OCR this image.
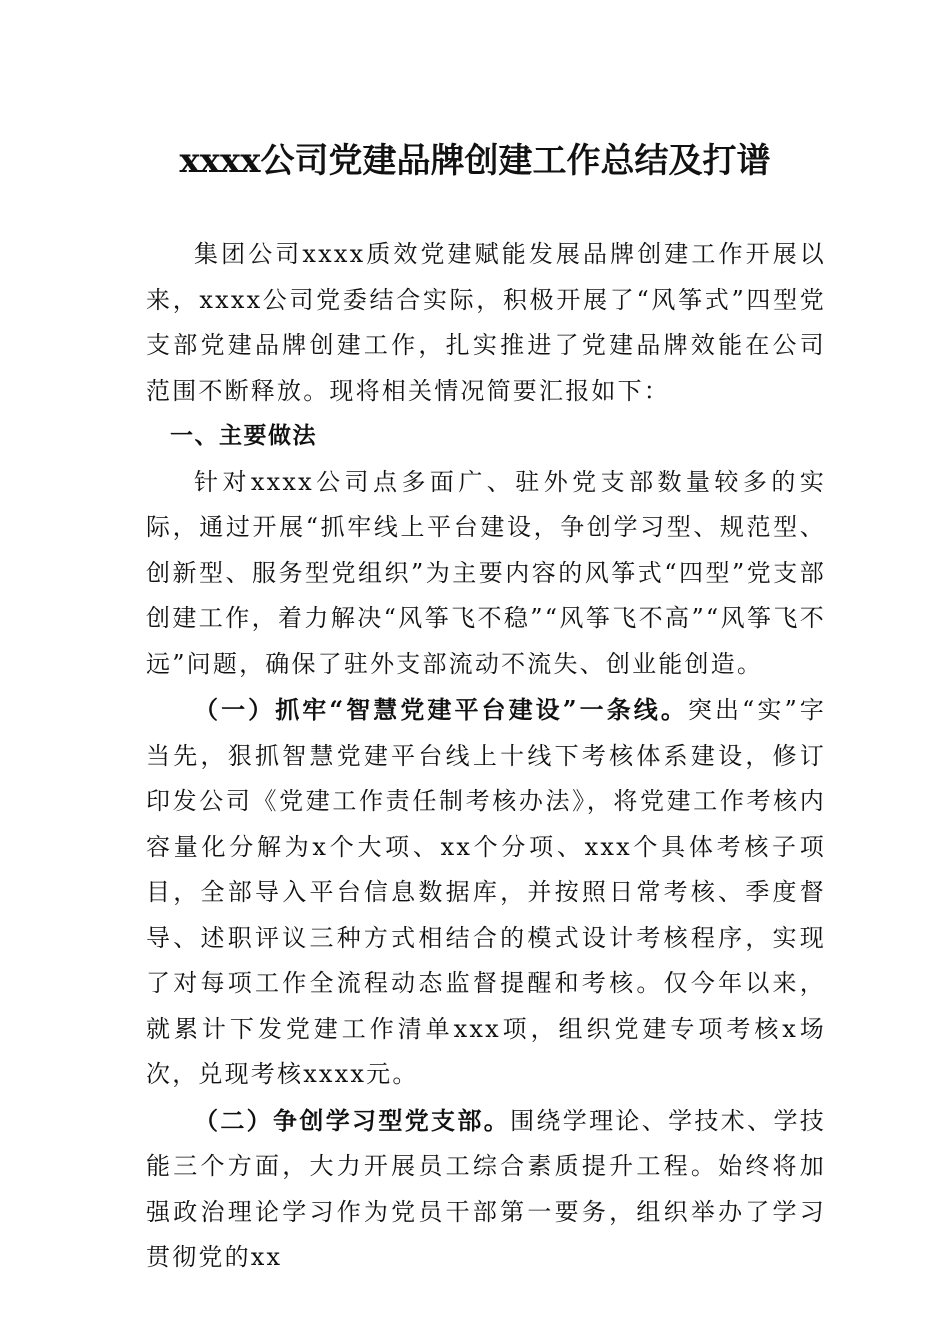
xxxx公司党建品牌创建工作总结及打谱

集团公司xxxx质效党建赋能发展品牌创建工作开展以来，xxxx公司党委结合实际，积极开展了“风筝式”四型党支部党建品牌创建工作，扎实推进了党建品牌效能在公司范围不断释放。现将相关情况简要汇报如下：

一、主要做法

针对xxxx公司点多面广、驻外党支部数量较多的实际，通过开展“抓牢线上平台建设，争创学习型、规范型、创新型、服务型党组织”为主要内容的风筝式“四型”党支部创建工作，着力解决“风筝飞不稳”“风筝飞不高”“风筝飞不远”问题，确保了驻外支部流动不流失、创业能创造。

（一）抓牢“智慧党建平台建设”一条线。突出“实”字当先，狠抓智慧党建平台线上十线下考核体系建设，修订印发公司《党建工作责任制考核办法》，将党建工作考核内容量化分解为x个大项、xx个分项、xxx个具体考核子项目，全部导入平台信息数据库，并按照日常考核、季度督导、述职评议三种方式相结合的模式设计考核程序，实现了对每项工作全流程动态监督提醒和考核。仅今年以来，就累计下发党建工作清单xxx项，组织党建专项考核x场次，兑现考核xxxx元。

（二）争创学习型党支部。围绕学理论、学技术、学技能三个方面，大力开展员工综合素质提升工程。始终将加强政治理论学习作为党员干部第一要务，组织举办了学习贯彻党的xx
